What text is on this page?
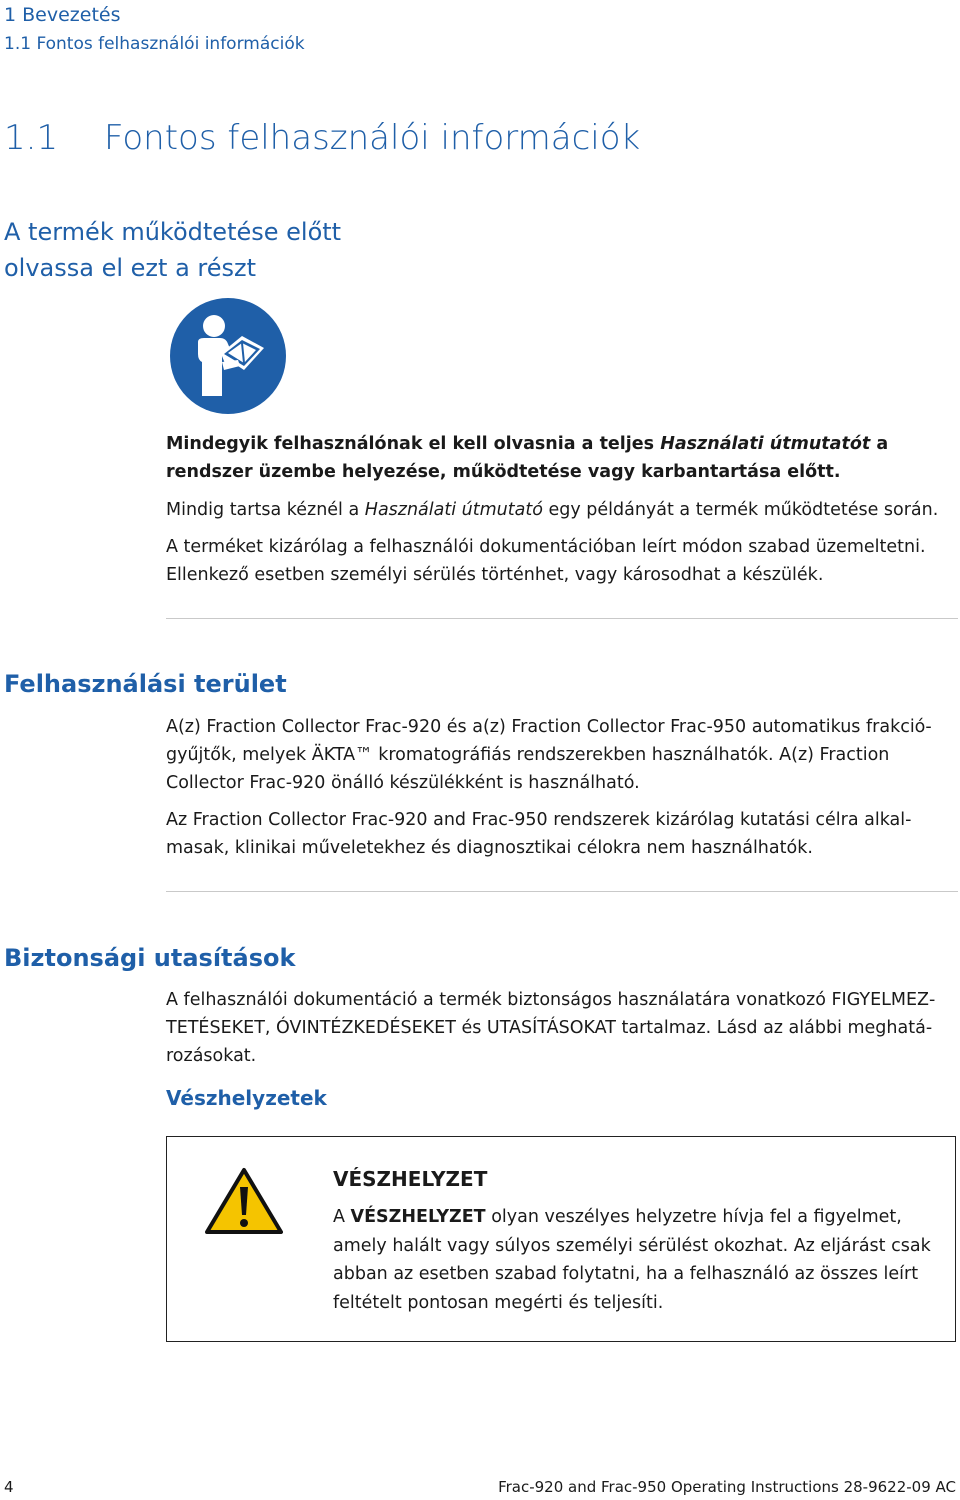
1 Bevezetés
1.1 Fontos felhasználói információk
1.1 Fontos felhasználói információk
A termék működtetése előtt olvassa el ezt a részt
Mindegyik felhasználónak el kell olvasnia a teljes Használati útmutatót a rendszer üzembe helyezése, működtetése vagy karbantartása előtt.
Mindig tartsa kéznél a Használati útmutató egy példányát a termék működtetése során.
A terméket kizárólag a felhasználói dokumentációban leírt módon szabad üzemeltetni. Ellenkező esetben személyi sérülés történhet, vagy károsodhat a készülék.
Felhasználási terület
A(z) Fraction Collector Frac-920 és a(z) Fraction Collector Frac-950 automatikus frakciógyűjtők, melyek ÄKTA™ kromatográfiás rendszerekben használhatók. A(z) Fraction Collector Frac-920 önálló készülékként is használható.
Az Fraction Collector Frac-920 and Frac-950 rendszerek kizárólag kutatási célra alkalmasak, klinikai műveletekhez és diagnosztikai célokra nem használhatók.
Biztonsági utasítások
A felhasználói dokumentáció a termék biztonságos használatára vonatkozó FIGYELMEZTETÉSEKET, ÓVINTÉZKEDÉSEKET és UTASÍTÁSOKAT tartalmaz. Lásd az alábbi meghatározásokat.
Vészhelyzetek
VÉSZHELYZET
A VÉSZHELYZET olyan veszélyes helyzetre hívja fel a figyelmet, amely halált vagy súlyos személyi sérülést okozhat. Az eljárást csak abban az esetben szabad folytatni, ha a felhasználó az összes leírt feltételt pontosan megérti és teljesíti.
4	Frac-920 and Frac-950 Operating Instructions 28-9622-09 AC
